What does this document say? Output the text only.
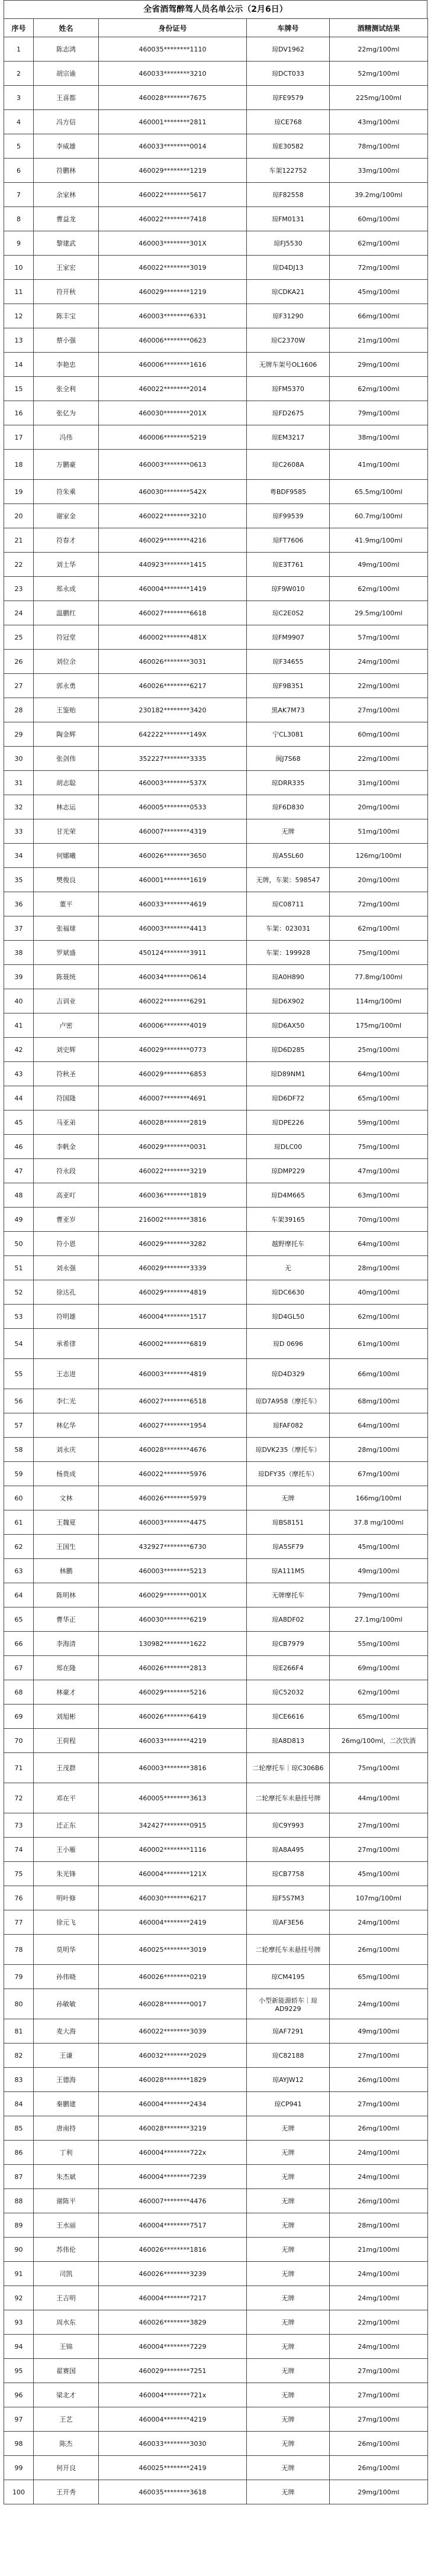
全省酒驾醉驾人员名单公示（2月6日）
序号	姓名	身份证号	车牌号	酒精测试结果
1	陈志鸿	460035********1110	琼DV1962	22mg/100ml
2	胡宗谕	460033********3210	琼DCT033	52mg/100ml
3	王喜都	460028********7675	琼FE9579	225mg/100ml
4	冯方信	460001********2811	琼CE768	43mg/100ml
5	李威雄	460033********0014	琼E30582	78mg/100ml
6	符鹏林	460029********1219	车架122752	33mg/100ml
7	余家林	460022********5617	琼F82558	39.2mg/100ml
8	曹益龙	460022********7418	琼FM0131	60mg/100ml
9	黎建武	460003********301X	琼FJ5530	62mg/100ml
10	王家宏	460022********3019	琼D4DJ13	72mg/100ml
11	符开秋	460029********1219	琼CDKA21	45mg/100ml
12	陈丰宝	460003********6331	琼F31290	66mg/100ml
13	蔡小强	460006********0623	琼C2370W	21mg/100ml
14	李艳忠	460006********1616	无牌车架号OL1606	29mg/100ml
15	张全利	460022********2014	琼FM5370	62mg/100ml
16	张亿为	460030********201X	琼FD2675	79mg/100ml
17	冯伟	460006********5219	琼EM3217	38mg/100ml
18	万鹏豪	460003********0613	琼C2608A	41mg/100ml
19	符朱乘	460030********542X	粤BDF9585	65.5mg/100ml
20	谢家金	460022********3210	琼F99539	60.7mg/100ml
21	符春才	460029********4216	琼FT7606	41.9mg/100ml
22	刘士华	440923********1415	琼E3T761	49mg/100ml
23	郑永成	460004********1419	琼F9W010	62mg/100ml
24	温鹏红	460027********6618	琼C2E0S2	29.5mg/100ml
25	符冠堂	460002********481X	琼FM9907	57mg/100ml
26	刘位余	460026********3031	琼F34655	24mg/100ml
27	郭永勇	460026********6217	琼F9B351	22mg/100ml
28	王鉴贻	230182********3420	黑AK7M73	27mg/100ml
29	陶金辉	642222********149X	宁CL3081	60mg/100ml
30	张剑伟	352227********3335	闽J7S68	22mg/100ml
31	胡志聪	460003********537X	琼DRR335	31mg/100ml
32	林志运	460005********0533	琼F6D830	20mg/100ml
33	甘光荣	460007********4319	无牌	51mg/100ml
34	何娜曦	460026********3650	琼A5SL60	126mg/100ml
35	樊俊良	460001********1619	无牌，车架：598547	20mg/100ml
36	董平	460033********4619	琼C08711	72mg/100ml
37	张福球	460003********4413	车架：023031	62mg/100ml
38	罗斌盛	450124********3911	车架：199928	75mg/100ml
39	陈聂统	460034********0614	琼A0H890	77.8mg/100ml
40	吉训业	460022********6291	琼D6X902	114mg/100ml
41	卢密	460006********4019	琼D6AX50	175mg/100ml
42	刘史辉	460029********0773	琼D6D285	25mg/100ml
43	符秋圣	460029********6853	琼D89NM1	64mg/100ml
44	符国隆	460007********4691	琼D6DF72	65mg/100ml
45	马亚弟	460028********2819	琼DPE226	59mg/100ml
46	李帆金	460029********0031	琼DLC00	75mg/100ml
47	符永段	460022********3219	琼DMP229	47mg/100ml
48	高亚叮	460036********1819	琼D4M665	63mg/100ml
49	曹亚岁	216002********3816	车架39165	70mg/100ml
50	符小恩	460029********3282	越野摩托车	64mg/100ml
51	刘永强	460029********3339	无	28mg/100ml
52	徐达孔	460029********4819	琼DC6630	40mg/100ml
53	符明雄	460004********1517	琼D4GL50	62mg/100ml
54	承希律	460002********6819	琼D 0696	61mg/100ml
55	王志进	460003********4819	琼D4D329	66mg/100ml
56	李仁光	460027********6518	琼D7A958（摩托车）	68mg/100ml
57	林亿华	460027********1954	琼FAF082	64mg/100ml
58	刘永庆	460028********4676	琼DVK235（摩托车）	28mg/100ml
59	杨贵成	460022********5976	琼DFY35（摩托车）	67mg/100ml
60	文林	460026********5979	无牌	166mg/100ml
61	王魏夏	460003********4475	琼BS8151	37.8 mg/100ml
62	王国生	432927********6730	琼A5SF79	45mg/100ml
63	林鹏	460003********5213	琼A111M5	49mg/100ml
64	陈明林	460029********001X	无牌摩托车	79mg/100ml
65	曹华正	460030********6219	琼A8DF02	27.1mg/100ml
66	李海清	130982********1622	琼CB7979	55mg/100ml
67	郑在隆	460026********2813	琼E266F4	69mg/100ml
68	林豪才	460029********5216	琼C52032	62mg/100ml
69	刘旭彬	460026********6419	琼CE6616	65mg/100ml
70	王荷程	460033********4219	琼A8D813	26mg/100ml，二次饮酒
71	王茂群	460003********3816	二轮摩托车｜琼C306B6	75mg/100ml
72	邓在平	460005********3613	二轮摩托车未悬挂号牌	44mg/100ml
73	迁正东	342427********0915	琼C9Y993	27mg/100ml
74	王小雁	460002********1116	琼A8A495	27mg/100ml
75	朱光锋	460004********121X	琼CB7758	45mg/100ml
76	明叶修	460030********6217	琼F5S7M3	107mg/100ml
77	徐元飞	460004********2419	琼AF3E56	24mg/100ml
78	莫明华	460025********3019	二轮摩托车未悬挂号牌	26mg/100ml
79	孙伟晓	460026********0219	琼CM4195	65mg/100ml
80	孙敏敏	460028********0017	小型新能源轿车｜琼AD9229	24mg/100ml
81	麦大海	460022********3039	琼AF7291	49mg/100ml
82	王谦	460032********2029	琼C82188	27mg/100ml
83	王德海	460028********1829	琼AYJW12	26mg/100ml
84	秦鹏建	460004********2434	琼CP941	27mg/100ml
85	唐南持	460028********3219	无牌	26mg/100ml
86	丁利	460004********722x	无牌	24mg/100ml
87	朱杰斌	460004********7239	无牌	24mg/100ml
88	谢陈平	460007********4476	无牌	26mg/100ml
89	王水丽	460004********7517	无牌	28mg/100ml
90	苏伟伦	460026********1816	无牌	21mg/100ml
91	司凯	460026********3239	无牌	24mg/100ml
92	王吉明	460004********7217	无牌	24mg/100ml
93	周水东	460026********3829	无牌	22mg/100ml
94	王锦	460004********7229	无牌	24mg/100ml
95	翟赛国	460029********7251	无牌	27mg/100ml
96	梁北才	460004********721x	无牌	27mg/100ml
97	王艺	460004********4219	无牌	27mg/100ml
98	陈杰	460033********3030	无牌	26mg/100ml
99	何开良	460025********2419	无牌	26mg/100ml
100	王开秀	460035********3618	无牌	29mg/100ml
